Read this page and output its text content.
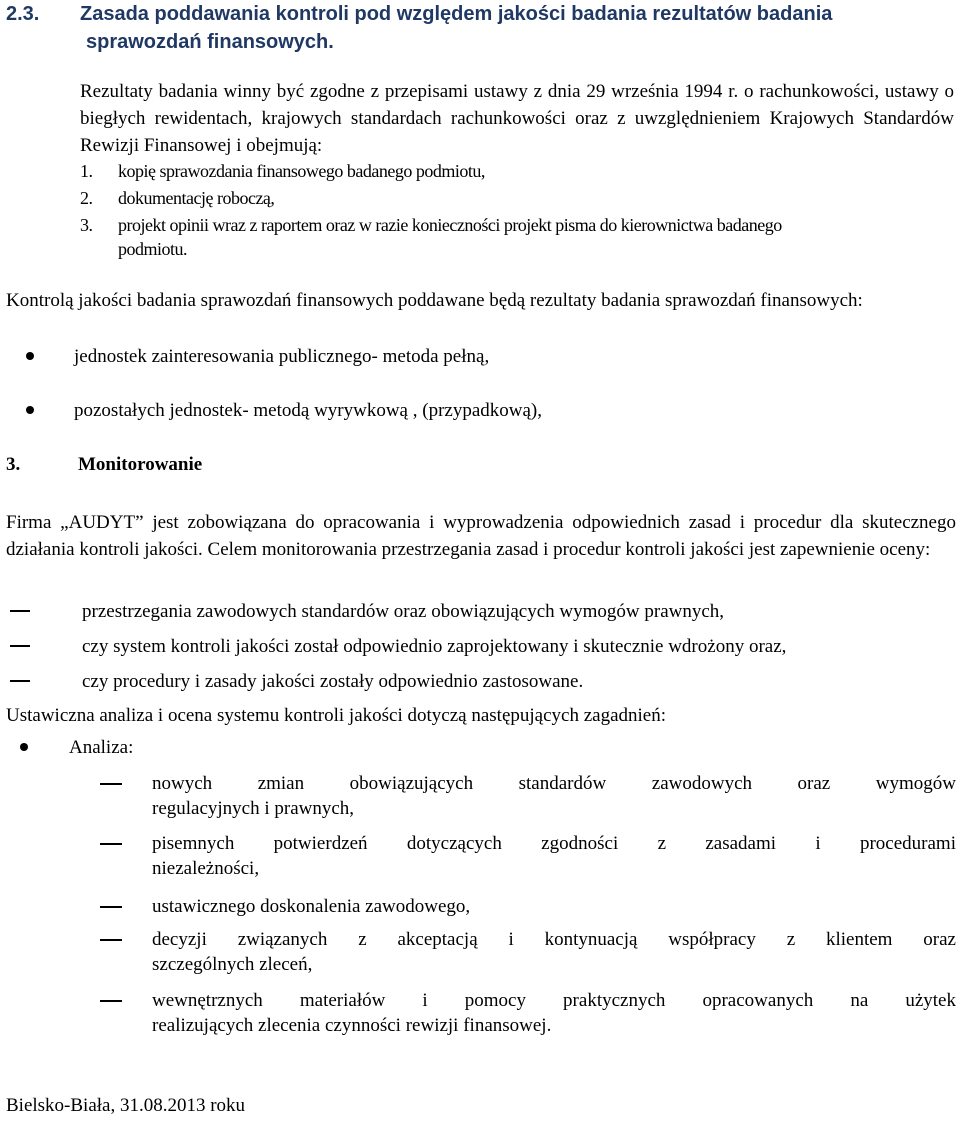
2.3. Zasada poddawania kontroli pod względem jakości badania rezultatów badania
sprawozdań finansowych.
Rezultaty badania winny być zgodne z przepisami ustawy z dnia 29 września 1994 r. o rachunkowości, ustawy o biegłych rewidentach, krajowych standardach rachunkowości oraz z uwzględnieniem Krajowych Standardów Rewizji Finansowej i obejmują:
1. kopię sprawozdania finansowego badanego podmiotu,
2. dokumentację roboczą,
3. projekt opinii wraz z raportem oraz w razie konieczności projekt pisma do kierownictwa badanego
podmiotu.
Kontrolą jakości badania sprawozdań finansowych poddawane będą rezultaty badania sprawozdań finansowych:
jednostek zainteresowania publicznego- metoda pełną,
pozostałych jednostek- metodą wyrywkową , (przypadkową),
3.	Monitorowanie
Firma „AUDYT” jest zobowiązana do opracowania i wyprowadzenia odpowiednich zasad i procedur dla skutecznego działania kontroli jakości. Celem monitorowania przestrzegania zasad i procedur kontroli jakości jest zapewnienie oceny:
przestrzegania zawodowych standardów oraz obowiązujących wymogów prawnych,
czy system kontroli jakości został odpowiednio zaprojektowany i skutecznie wdrożony oraz,
czy procedury i zasady jakości zostały odpowiednio zastosowane.
Ustawiczna analiza i ocena systemu kontroli jakości dotyczą następujących zagadnień:
Analiza:
nowych zmian obowiązujących standardów zawodowych oraz wymogów
regulacyjnych i prawnych,
pisemnych potwierdzeń dotyczących zgodności z zasadami i procedurami
niezależności,
ustawicznego doskonalenia zawodowego,
decyzji związanych z akceptacją i kontynuacją współpracy z klientem oraz
szczególnych zleceń,
wewnętrznych materiałów i pomocy praktycznych opracowanych na użytek
realizujących zlecenia czynności rewizji finansowej.
Bielsko-Biała, 31.08.2013 roku
